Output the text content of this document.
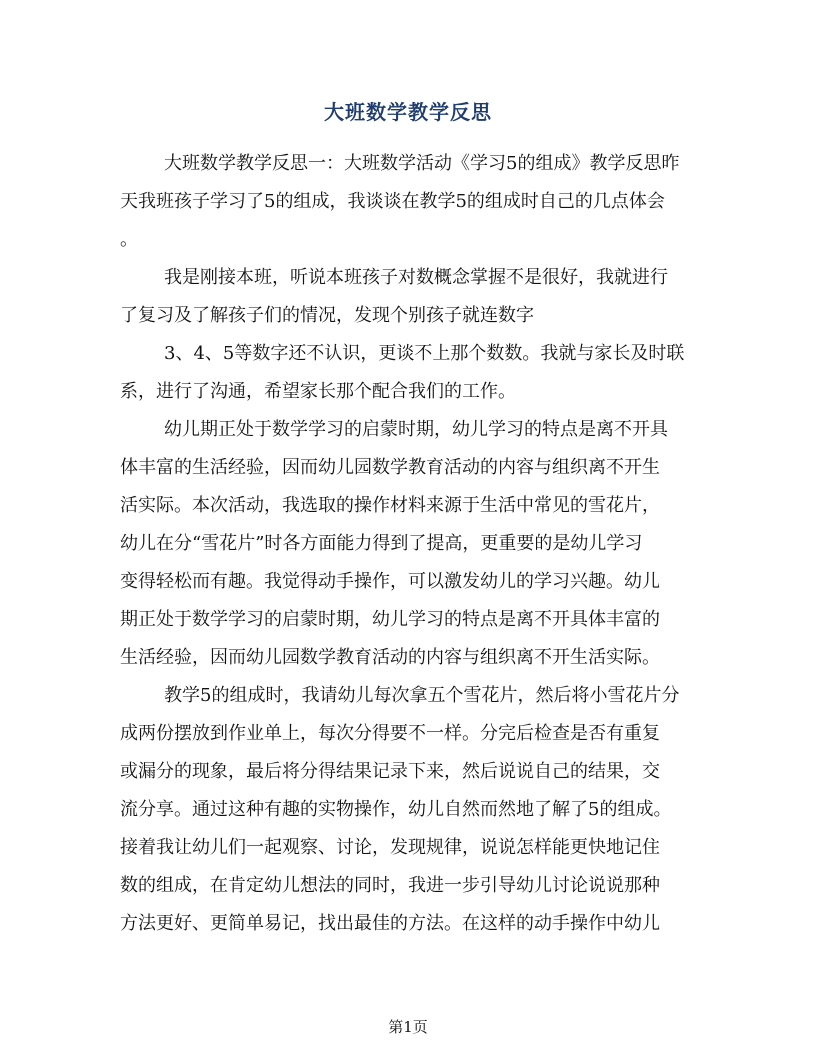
大班数学教学反思
大班数学教学反思一：大班数学活动《学习5的组成》教学反思昨
天我班孩子学习了5的组成，我谈谈在教学5的组成时自己的几点体会
。
我是刚接本班，听说本班孩子对数概念掌握不是很好，我就进行
了复习及了解孩子们的情况，发现个别孩子就连数字
3、4、5等数字还不认识，更谈不上那个数数。我就与家长及时联
系，进行了沟通，希望家长那个配合我们的工作。
幼儿期正处于数学学习的启蒙时期，幼儿学习的特点是离不开具
体丰富的生活经验，因而幼儿园数学教育活动的内容与组织离不开生
活实际。本次活动，我选取的操作材料来源于生活中常见的雪花片，
幼儿在分“雪花片”时各方面能力得到了提高，更重要的是幼儿学习
变得轻松而有趣。我觉得动手操作，可以激发幼儿的学习兴趣。幼儿
期正处于数学学习的启蒙时期，幼儿学习的特点是离不开具体丰富的
生活经验，因而幼儿园数学教育活动的内容与组织离不开生活实际。
教学5的组成时，我请幼儿每次拿五个雪花片，然后将小雪花片分
成两份摆放到作业单上，每次分得要不一样。分完后检查是否有重复
或漏分的现象，最后将分得结果记录下来，然后说说自己的结果，交
流分享。通过这种有趣的实物操作，幼儿自然而然地了解了5的组成。
接着我让幼儿们一起观察、讨论，发现规律，说说怎样能更快地记住
数的组成，在肯定幼儿想法的同时，我进一步引导幼儿讨论说说那种
方法更好、更简单易记，找出最佳的方法。在这样的动手操作中幼儿
第1页
